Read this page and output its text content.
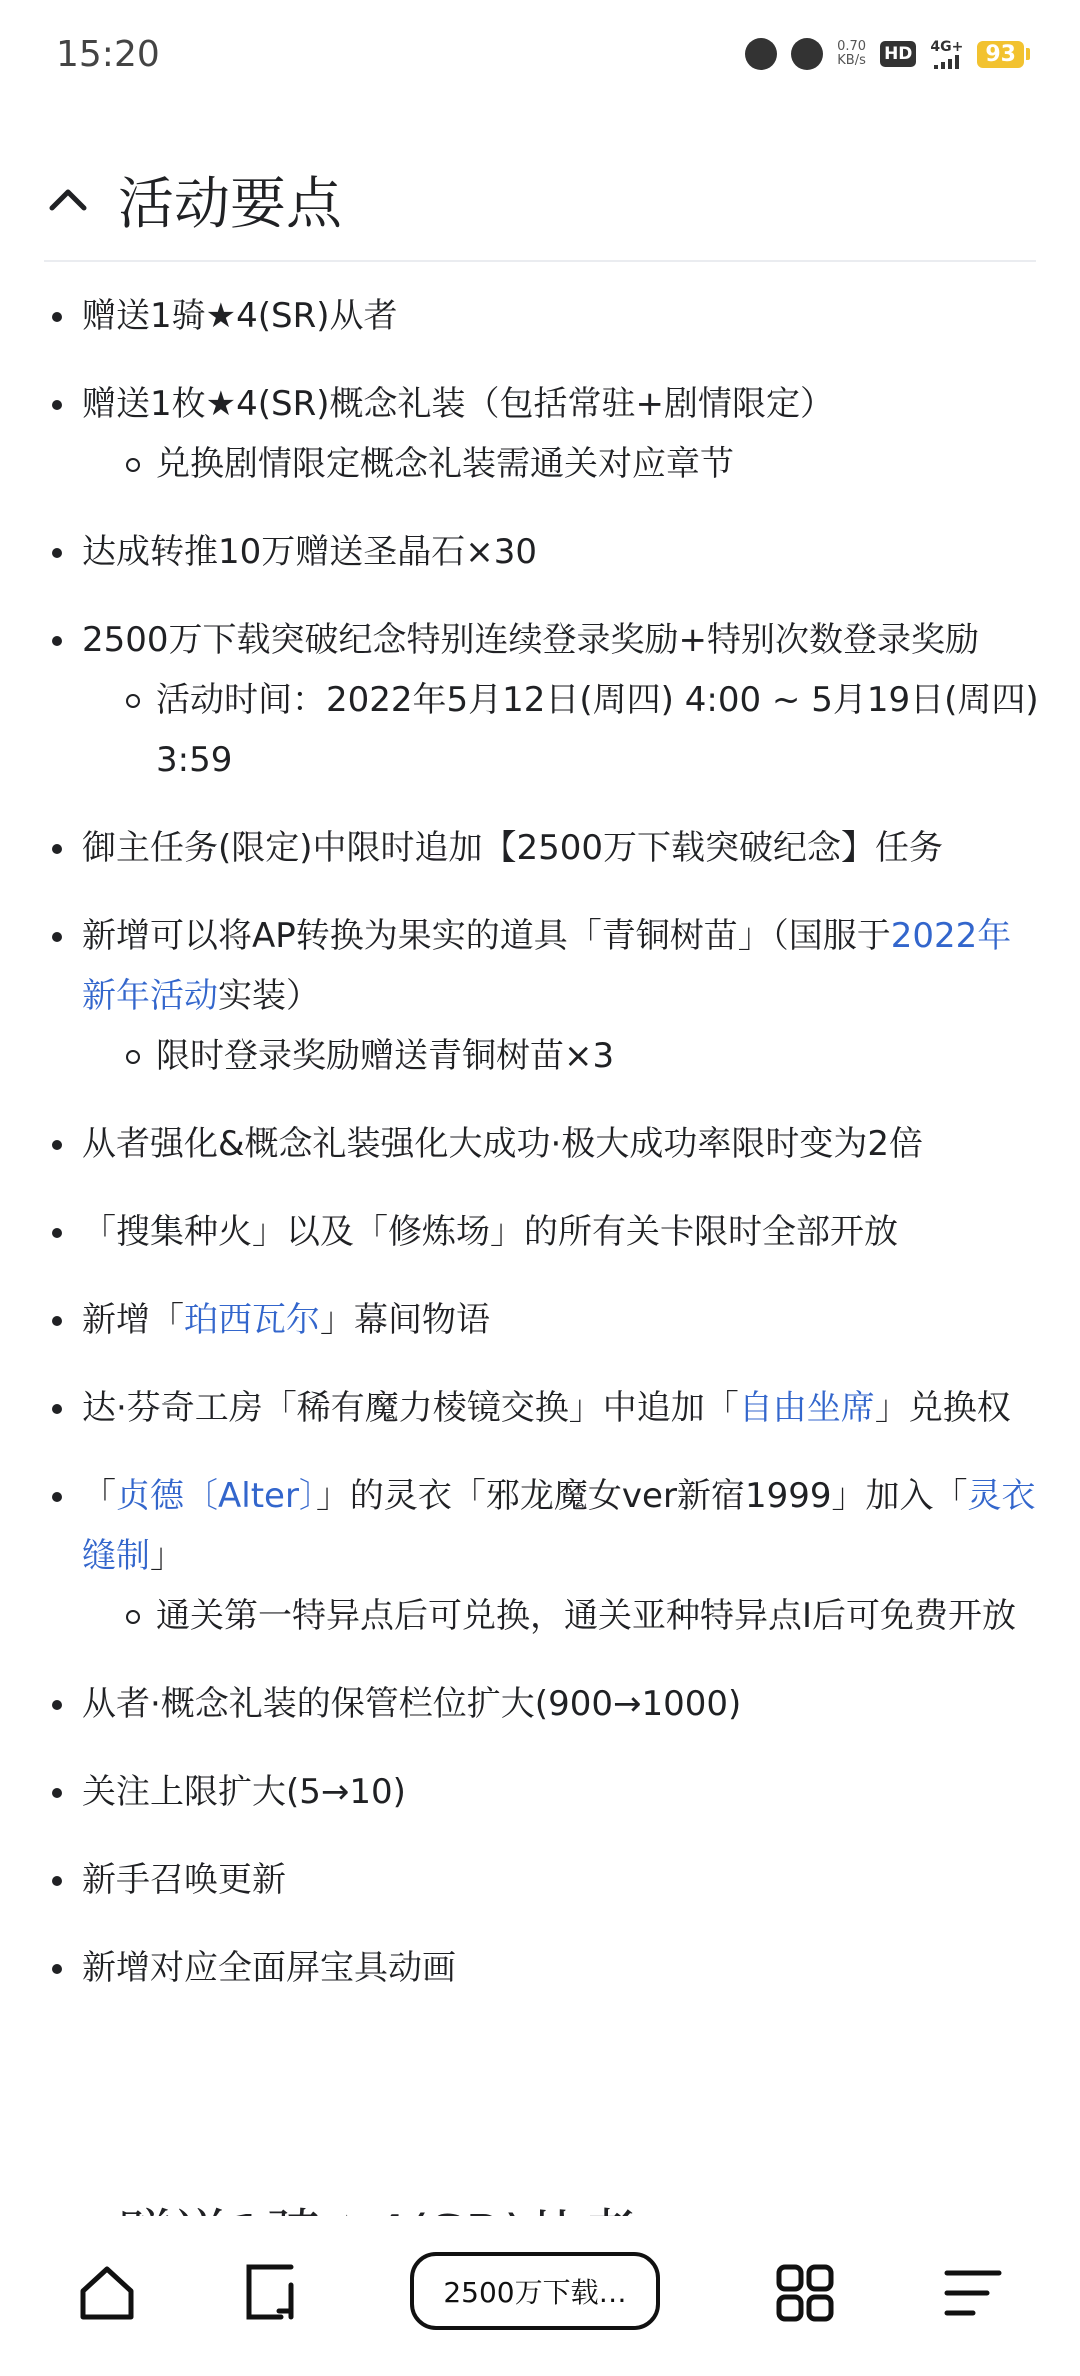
15:20	0.70
KB/s HD 4G+	93
活动要点
赠送1骑★4(SR)从者
赠送1枚★4(SR)概念礼装（包括常驻+剧情限定）
兑换剧情限定概念礼装需通关对应章节
达成转推10万赠送圣晶石×30
2500万下载突破纪念特别连续登录奖励+特别次数登录奖励
活动时间：2022年5月12日(周四) 4:00 ~ 5月19日(周四) 3:59
御主任务(限定)中限时追加【2500万下载突破纪念】任务
新增可以将AP转换为果实的道具「青铜树苗」（国服于2022年新年活动实装）
限时登录奖励赠送青铜树苗×3
从者强化&概念礼装强化大成功·极大成功率限时变为2倍
「搜集种火」以及「修炼场」的所有关卡限时全部开放
新增「珀西瓦尔」幕间物语
达·芬奇工房「稀有魔力棱镜交换」中追加「自由坐席」兑换权
「贞德〔Alter〕」的灵衣「邪龙魔女ver新宿1999」加入「灵衣缝制」
通关第一特异点后可兑换，通关亚种特异点Ⅰ后可免费开放
从者·概念礼装的保管栏位扩大(900→1000)
关注上限扩大(5→10)
新手召唤更新
新增对应全面屏宝具动画
2500万下载…
